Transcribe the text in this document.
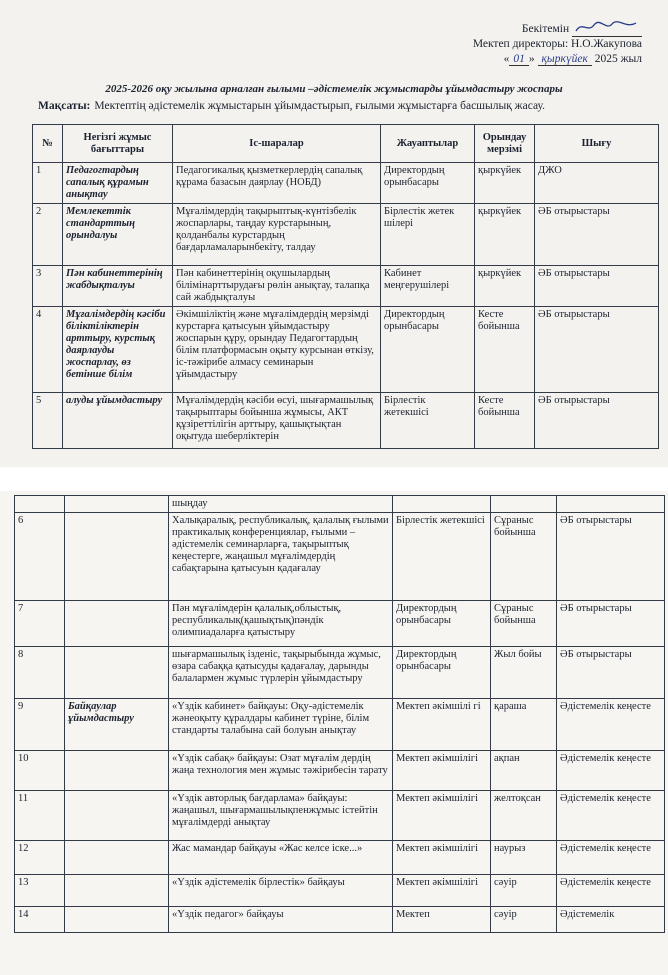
Бекітемін
Мектеп директоры: Н.О.Жакупова
« 01 » қыркүйек 2025 жыл
2025-2026 оқу жылына арналған ғылыми –әдістемелік жұмыстарды ұйымдастыру жоспары
Мақсаты: Мектептің әдістемелік жұмыстарын ұйымдастырып, ғылыми жұмыстарға басшылық жасау.
№	Негізгі жұмыс бағыттары	Іс-шаралар	Жауаптылар	Орындау мерзімі	Шығу
1	Педагогтардың сапалық құрамын анықтау	Педагогикалық қызметкерлердің сапалық құрама базасын даярлау (НОБД)	Директордың орынбасары	қыркүйек	ДЖО
2	Мемлекеттік стандарттың орындалуы	Мұғалімдердің тақырыптық-күнтізбелік жоспарлары, таңдау курстарының, қолданбалы курстардың бағдарламаларынбекіту, талдау	Бірлестік жетек шілері	қыркүйек	ӘБ отырыстары
3	Пән кабинеттерінің жабдықталуы	Пән кабинеттерінің оқушылардың білімінарттырудағы рөлін анықтау, талапқа сай жабдықталуы	Кабинет меңгерушілері	қыркүйек	ӘБ отырыстары
4	Мұғалімдердің кәсіби біліктіліктерін арттыру, курстық даярлауды жоспарлау, өз бетінше білім	Әкімшіліктің және мұғалімдердің мерзімді курстарға қатысуын ұйымдастыру жоспарын құру, орындау Педагогтардың білім платформасын оқыту курсынан өткізу, іс-тәжірибе алмасу семинарын ұйымдастыру	Директордың орынбасары	Кесте бойынша	ӘБ отырыстары
5	алуды ұйымдастыру	Мұғалімдердің кәсіби өсуі, шығармашылық тақырыптары бойынша жұмысы, АКТ құзіреттілігін арттыру, қашықтықтан оқытуда шеберліктерін	Бірлестік жетекшісі	Кесте бойынша	ӘБ отырыстары
		шыңдау			
6		Халықаралық, республикалық, қалалық ғылыми практикалық конференциялар, ғылыми –әдістемелік семинарларға, тақырыптық кеңестерге, жаңашыл мұғалімдердің сабақтарына қатысуын қадағалау	Бірлестік жетекшісі	Сұраныс бойынша	ӘБ отырыстары
7		Пән мұғалімдерін қалалық,облыстық, республикалық(қашықтық)пәндік олимпиадаларға қатыстыру	Директордың орынбасары	Сұраныс бойынша	ӘБ отырыстары
8		шығармашылық ізденіс, тақырыбында жұмыс, өзара сабаққа қатысуды қадағалау, дарынды балалармен жұмыс түрлерін ұйымдастыру	Директордың орынбасары	Жыл бойы	ӘБ отырыстары
9	Байқаулар ұйымдастыру	«Үздік кабинет» байқауы: Оқу-әдістемелік жәнеоқыту құралдары кабинет түріне, білім стандарты талабына сай болуын анықтау	Мектеп әкімшілі гі	қараша	Әдістемелік кеңесте
10		«Үздік сабақ» байқауы: Озат мұғалім дердің жаңа технология мен жұмыс тәжірибесін тарату	Мектеп әкімшілігі	ақпан	Әдістемелік кеңесте
11		«Үздік авторлық бағдарлама» байқауы: жаңашыл, шығармашылықпенжұмыс істейтін мұғалімдерді анықтау	Мектеп әкімшілігі	желтоқсан	Әдістемелік кеңесте
12		Жас мамандар байқауы «Жас келсе іске...»	Мектеп әкімшілігі	наурыз	Әдістемелік кеңесте
13		«Үздік әдістемелік бірлестік» байқауы	Мектеп әкімшілігі	сәуір	Әдістемелік кеңесте
14		«Үздік педагог» байқауы	Мектеп	сәуір	Әдістемелік
